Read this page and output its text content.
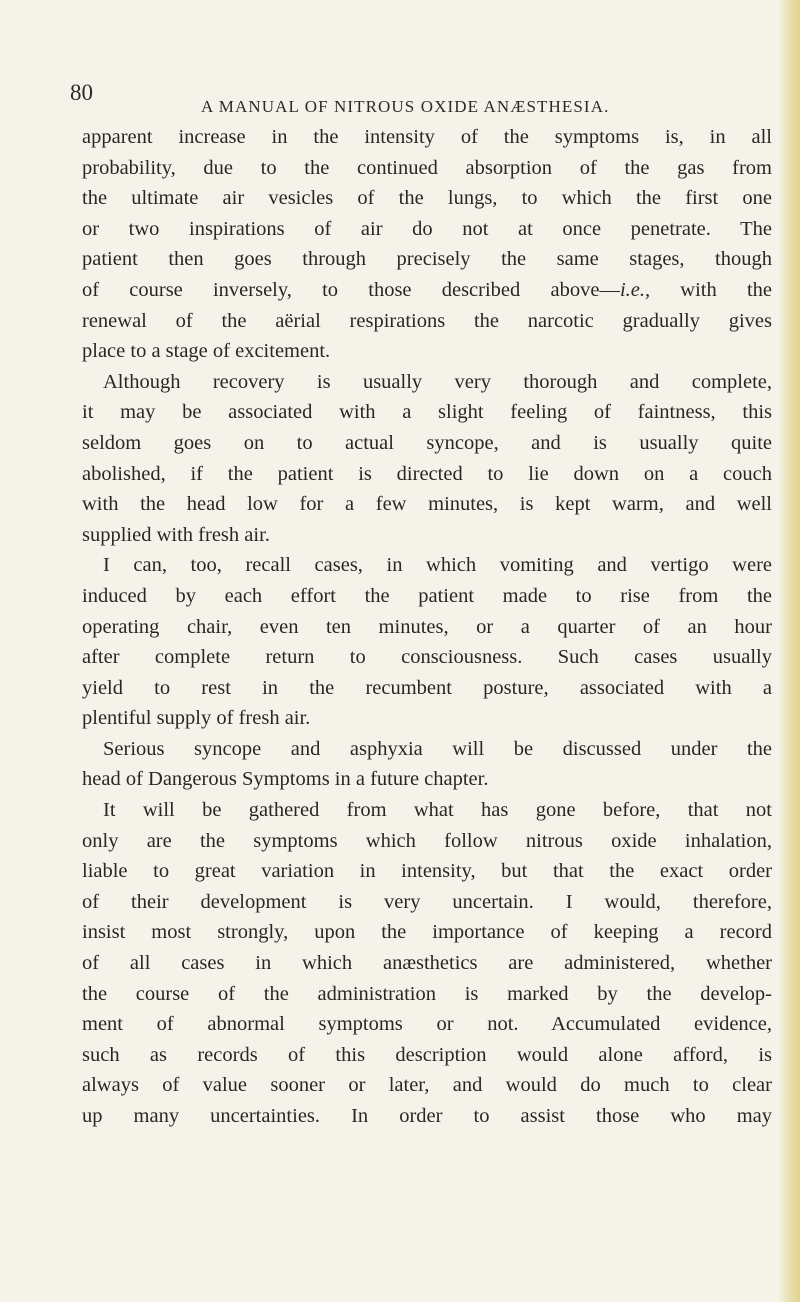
80
A MANUAL OF NITROUS OXIDE ANÆSTHESIA.
apparent increase in the intensity of the symptoms is, in all
probability, due to the continued absorption of the gas from
the ultimate air vesicles of the lungs, to which the first one
or two inspirations of air do not at once penetrate. The
patient then goes through precisely the same stages, though
of course inversely, to those described above—i.e., with the
renewal of the aërial respirations the narcotic gradually gives
place to a stage of excitement.
Although recovery is usually very thorough and complete,
it may be associated with a slight feeling of faintness, this
seldom goes on to actual syncope, and is usually quite
abolished, if the patient is directed to lie down on a couch
with the head low for a few minutes, is kept warm, and well
supplied with fresh air.
I can, too, recall cases, in which vomiting and vertigo were
induced by each effort the patient made to rise from the
operating chair, even ten minutes, or a quarter of an hour
after complete return to consciousness. Such cases usually
yield to rest in the recumbent posture, associated with a
plentiful supply of fresh air.
Serious syncope and asphyxia will be discussed under the
head of Dangerous Symptoms in a future chapter.
It will be gathered from what has gone before, that not
only are the symptoms which follow nitrous oxide inhalation,
liable to great variation in intensity, but that the exact order
of their development is very uncertain. I would, therefore,
insist most strongly, upon the importance of keeping a record
of all cases in which anæsthetics are administered, whether
the course of the administration is marked by the develop-
ment of abnormal symptoms or not. Accumulated evidence,
such as records of this description would alone afford, is
always of value sooner or later, and would do much to clear
up many uncertainties. In order to assist those who may
